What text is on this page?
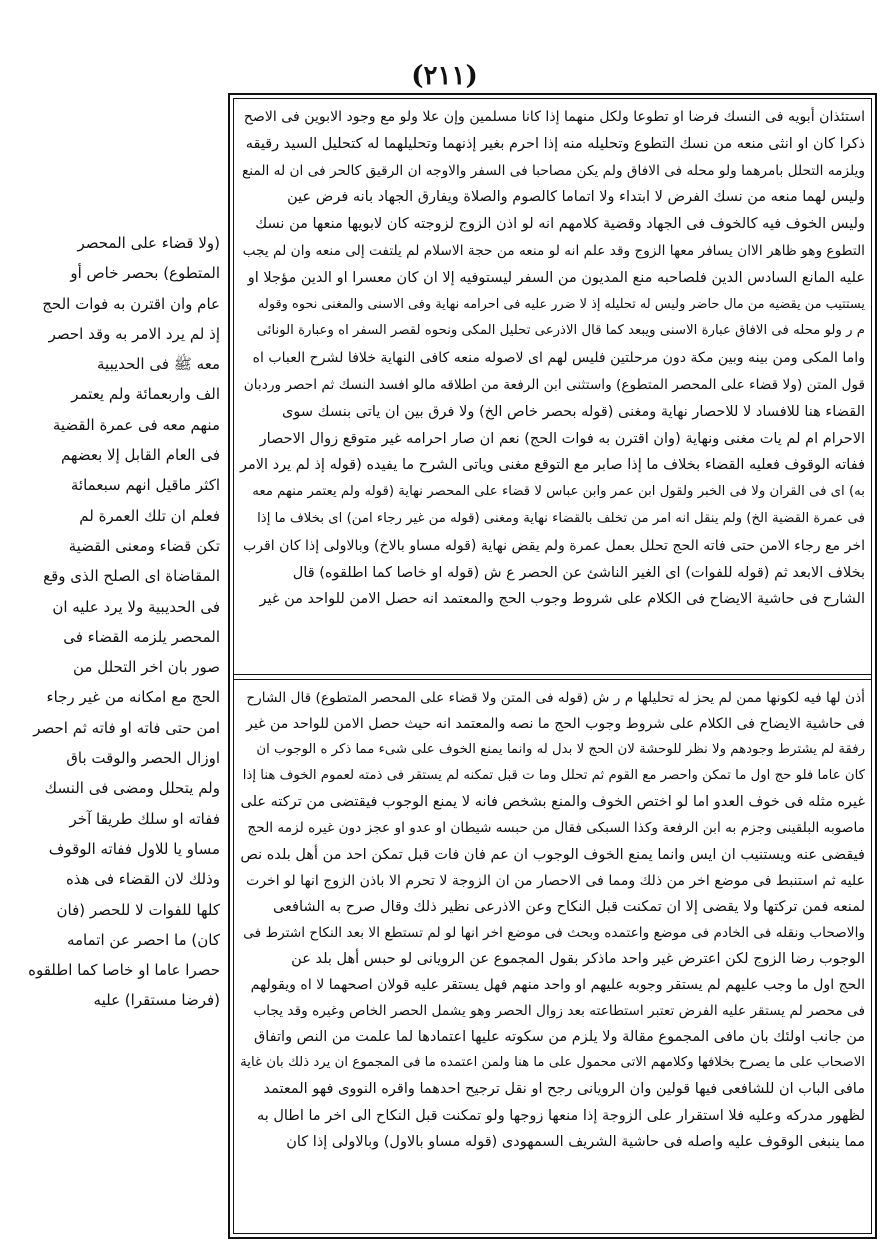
(٢١١)

استئذان أبويه فى النسك فرضا او تطوعا ولكل منهما إذا كانا مسلمين وإن علا ولو مع وجود الابوين فى الاصح

ذكرا كان او انثى منعه من نسك التطوع وتحليله منه إذا احرم بغير إذنهما وتحليلهما له كتحليل السيد رقيقه

ويلزمه التحلل بامرهما ولو محله فى الافاق ولم يكن مصاحبا فى السفر والاوجه ان الرقيق كالحر فى ان له المنع

وليس لهما منعه من نسك الفرض لا ابتداء ولا اتماما كالصوم والصلاة ويفارق الجهاد بانه فرض عين

وليس الخوف فيه كالخوف فى الجهاد وقضية كلامهم انه لو اذن الزوج لزوجته كان لابويها منعها من نسك

التطوع وهو ظاهر الاان يسافر معها الزوج وقد علم انه لو منعه من حجة الاسلام لم يلتفت إلى منعه وان لم يجب

عليه المانع السادس الدين فلصاحبه منع المديون من السفر ليستوفيه إلا ان كان معسرا او الدين مؤجلا او

يستتيب من يقضيه من مال حاضر وليس له تحليله إذ لا ضرر عليه فى احرامه نهاية وفى الاسنى والمغنى نحوه وقوله

م ر ولو محله فى الافاق عبارة الاسنى ويبعد كما قال الاذرعى تحليل المكى ونحوه لقصر السفر اه وعبارة الونائى

واما المكى ومن بينه وبين مكة دون مرحلتين فليس لهم اى لاصوله منعه كافى النهاية خلافا لشرح العباب اه

قول المتن (ولا قضاء على المحصر المتطوع) واستثنى ابن الرفعة من اطلاقه مالو افسد النسك ثم احصر وردبان

القضاء هنا للافساد لا للاحصار نهاية ومغنى (قوله بحصر خاص الخ) ولا فرق بين ان ياتى بنسك سوى

الاحرام ام لم يات مغنى ونهاية (وان اقترن به فوات الحج) نعم ان صار احرامه غير متوقع زوال الاحصار

ففاته الوقوف فعليه القضاء بخلاف ما إذا صابر مع التوقع مغنى وياتى الشرح ما يفيده (قوله إذ لم يرد الامر

به) اى فى القران ولا فى الخبر ولقول ابن عمر وابن عباس لا قضاء على المحصر نهاية (قوله ولم يعتمر منهم معه

فى عمرة القضية الخ) ولم ينقل انه امر من تخلف بالقضاء نهاية ومغنى (قوله من غير رجاء امن) اى بخلاف ما إذا

اخر مع رجاء الامن حتى فاته الحج تحلل بعمل عمرة ولم يقض نهاية (قوله مساو بالاخ) وبالاولى إذا كان اقرب

بخلاف الابعد ثم (قوله للفوات) اى الغير الناشئ عن الحصر ع ش (قوله او خاصا كما اطلقوه) قال

الشارح فى حاشية الايضاح فى الكلام على شروط وجوب الحج والمعتمد انه حصل الامن للواحد من غير

أذن لها فيه لكونها ممن لم يحز له تحليلها م ر ش (قوله فى المتن ولا قضاء على المحصر المتطوع) قال الشارح

فى حاشية الايضاح فى الكلام على شروط وجوب الحج ما نصه والمعتمد انه حيث حصل الامن للواحد من غير

رفقة لم يشترط وجودهم ولا نظر للوحشة لان الحج لا بدل له وانما يمنع الخوف على شىء مما ذكر ه الوجوب ان

كان عاما فلو حج اول ما تمكن واحصر مع القوم ثم تحلل وما ت قبل تمكنه لم يستقر فى ذمته لعموم الخوف هنا إذا

غيره مثله فى خوف العدو اما لو اختص الخوف والمنع بشخص فانه لا يمنع الوجوب فيقتضى من تركته على

ماصوبه البلقينى وجزم به ابن الرفعة وكذا السبكى فقال من حبسه شيطان او عدو او عجز دون غيره لزمه الحج

فيقضى عنه ويستنيب ان ايس وانما يمنع الخوف الوجوب ان عم فان فات قبل تمكن احد من أهل بلده نص

عليه ثم استنبط فى موضع اخر من ذلك ومما فى الاحصار من ان الزوجة لا تحرم الا باذن الزوج انها لو اخرت

لمنعه فمن تركتها ولا يقضى إلا ان تمكنت قبل النكاح وعن الاذرعى نظير ذلك وقال صرح به الشافعى

والاصحاب ونقله فى الخادم فى موضع واعتمده وبحث فى موضع اخر انها لو لم تستطع الا بعد النكاح اشترط فى

الوجوب رضا الزوج لكن اعترض غير واحد ماذكر بقول المجموع عن الرويانى لو حبس أهل بلد عن

الحج اول ما وجب عليهم لم يستقر وجوبه عليهم او واحد منهم فهل يستقر عليه قولان اصحهما لا اه ويقولهم

فى محصر لم يستقر عليه الفرض تعتبر استطاعته بعد زوال الحصر وهو يشمل الحصر الخاص وغيره وقد يجاب

من جانب اولئك بان مافى المجموع مقالة ولا يلزم من سكوته عليها اعتمادها لما علمت من النص واتفاق

الاصحاب على ما يصرح بخلافها وكلامهم الاتى محمول على ما هنا ولمن اعتمده ما فى المجموع ان يرد ذلك بان غاية

مافى الباب ان للشافعى فيها قولين وان الرويانى رجح او نقل ترجيح احدهما واقره النووى فهو المعتمد

لظهور مدركه وعليه فلا استقرار على الزوجة إذا منعها زوجها ولو تمكنت قبل النكاح الى اخر ما اطال به

مما ينبغى الوقوف عليه واصله فى حاشية الشريف السمهودى (قوله مساو بالاول) وبالاولى إذا كان

(ولا قضاء على المحصر

المتطوع) بحصر خاص أو

عام وان اقترن به فوات الحج

إذ لم يرد الامر به وقد احصر

معه ﷺ فى الحديبية

الف واربعمائة ولم يعتمر

منهم معه فى عمرة القضية

فى العام القابل إلا بعضهم

اكثر ماقيل انهم سبعمائة

فعلم ان تلك العمرة لم

تكن قضاء ومعنى القضية

المقاضاة اى الصلح الذى وقع

فى الحديبية ولا يرد عليه ان

المحصر يلزمه القضاء فى

صور بان اخر التحلل من

الحج مع امكانه من غير رجاء

امن حتى فاته او فاته ثم احصر

اوزال الحصر والوقت باق

ولم يتحلل ومضى فى النسك

ففاته او سلك طريقا آخر

مساو يا للاول ففاته الوقوف

وذلك لان القضاء فى هذه

كلها للفوات لا للحصر (فان

كان) ما احصر عن اتمامه

حصرا عاما او خاصا كما اطلقوه

(فرضا مستقرا) عليه
